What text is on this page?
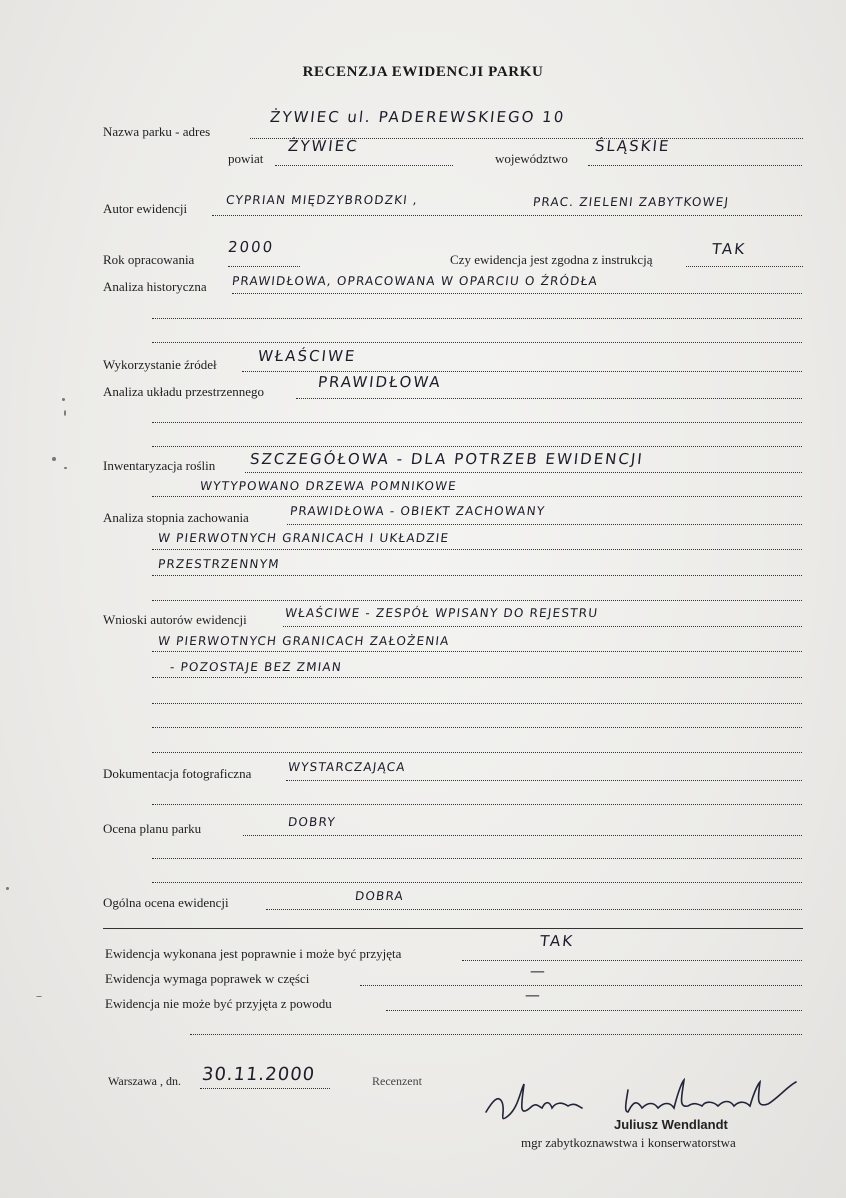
RECENZJA EWIDENCJI PARKU
Nazwa parku - adres
ŻYWIEC ul. PADEREWSKIEGO 10
powiat
ŻYWIEC
województwo
ŚLĄSKIE
Autor ewidencji
CYPRIAN MIĘDZYBRODZKI ,	PRAC. ZIELENI ZABYTKOWEJ
Rok opracowania
2000
Czy ewidencja jest zgodna z instrukcją
TAK
Analiza historyczna PRAWIDŁOWA, OPRACOWANA W OPARCIU O ŹRÓDŁA
Wykorzystanie źródeł	WŁAŚCIWE
Analiza układu przestrzennego
PRAWIDŁOWA
Inwentaryzacja roślin SZCZEGÓŁOWA - DLA POTRZEB EWIDENCJI
WYTYPOWANO DRZEWA POMNIKOWE
Analiza stopnia zachowania	PRAWIDŁOWA - OBIEKT ZACHOWANY
W PIERWOTNYCH GRANICACH I UKŁADZIE
PRZESTRZENNYM
Wnioski autorów ewidencji	WŁAŚCIWE - ZESPÓŁ WPISANY DO REJESTRU
W PIERWOTNYCH GRANICACH ZAŁOŻENIA
- POZOSTAJE BEZ ZMIAN
Dokumentacja fotograficzna	WYSTARCZAJĄCA
Ocena planu parku	DOBRY
Ogólna ocena ewidencji	DOBRA
Ewidencja wykonana jest poprawnie i może być przyjęta
TAK
Ewidencja wymaga poprawek w części	—
Ewidencja nie może być przyjęta z powodu	—
Warszawa , dn. 30.11.2000	Recenzent
Juliusz Wendlandt
mgr zabytkoznawstwa i konserwatorstwa
